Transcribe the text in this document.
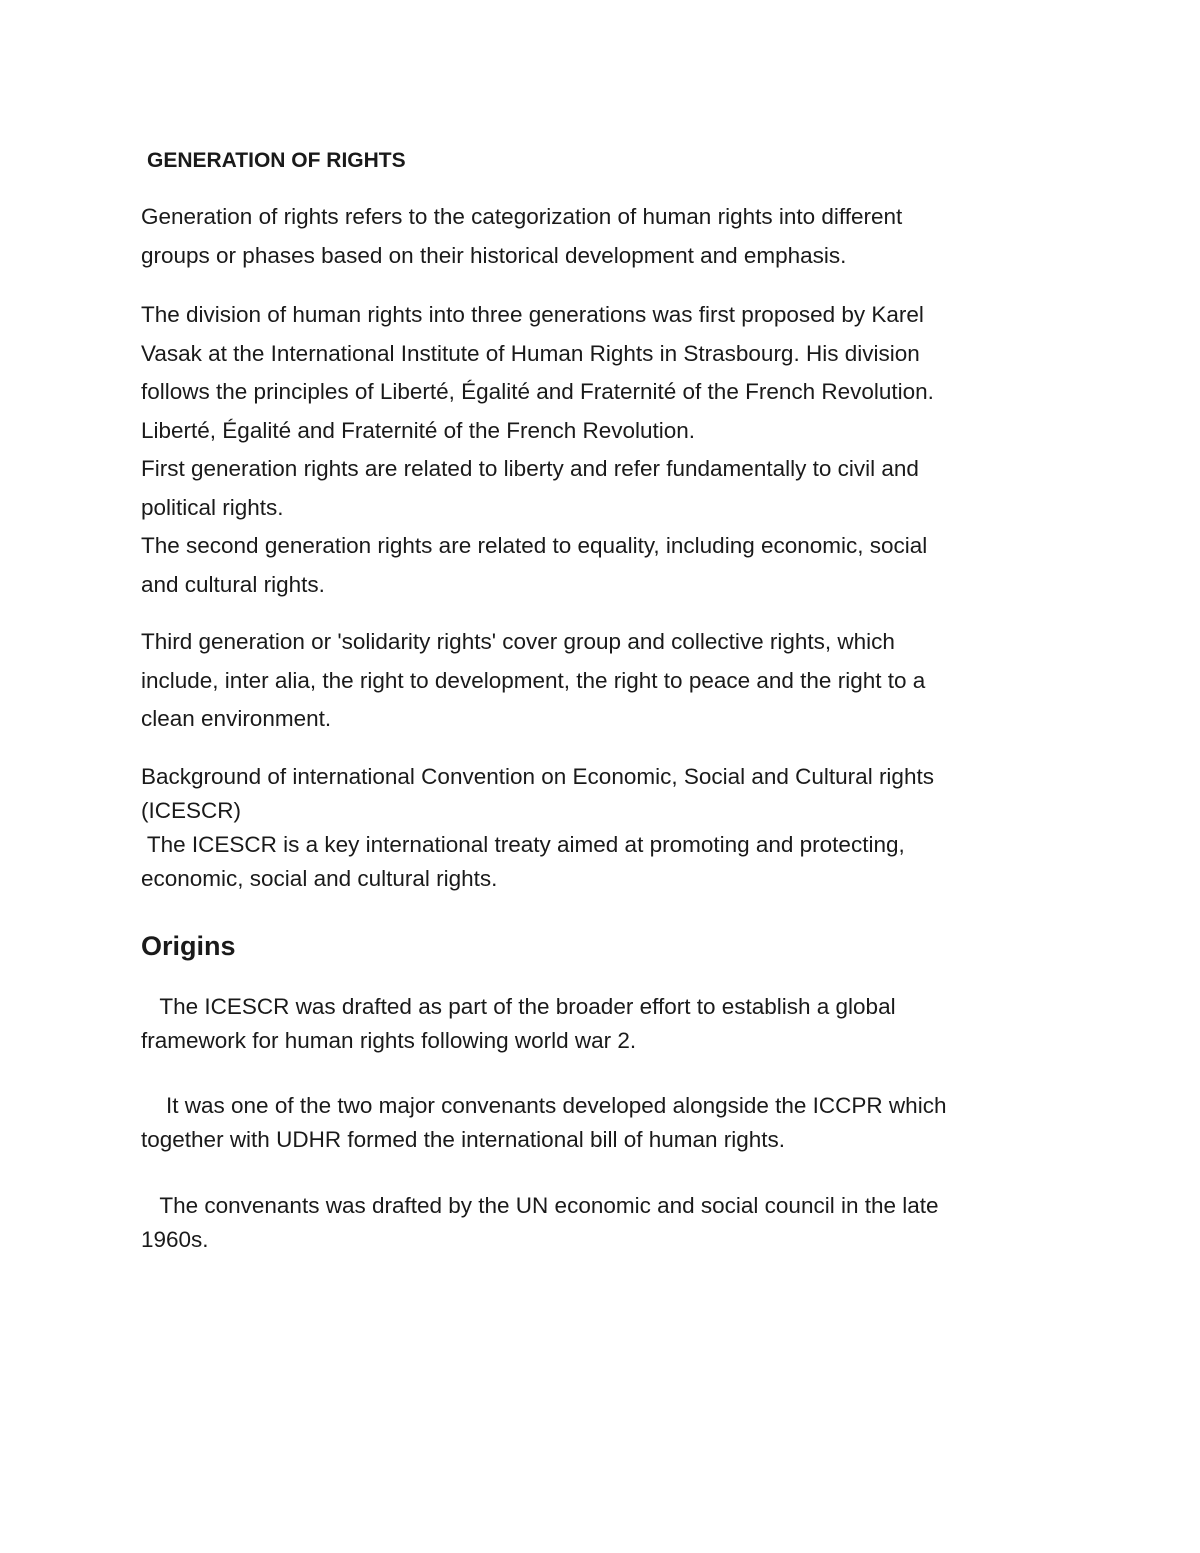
GENERATION OF RIGHTS
Generation of rights refers to the categorization of human rights into different
groups or phases based on their historical development and emphasis.
The division of human rights into three generations was first proposed by Karel
Vasak at the International Institute of Human Rights in Strasbourg. His division
follows the principles of Liberté, Égalité and Fraternité of the French Revolution.
Liberté, Égalité and Fraternité of the French Revolution.
First generation rights are related to liberty and refer fundamentally to civil and
political rights.
The second generation rights are related to equality, including economic, social
and cultural rights.
Third generation or 'solidarity rights' cover group and collective rights, which
include, inter alia, the right to development, the right to peace and the right to a
clean environment.
Background of international Convention on Economic, Social and Cultural rights
(ICESCR)
The ICESCR is a key international treaty aimed at promoting and protecting,
economic, social and cultural rights.
Origins
The ICESCR was drafted as part of the broader effort to establish a global
framework for human rights following world war 2.
It was one of the two major convenants developed alongside the ICCPR which
together with UDHR formed the international bill of human rights.
The convenants was drafted by the UN economic and social council in the late
1960s.
